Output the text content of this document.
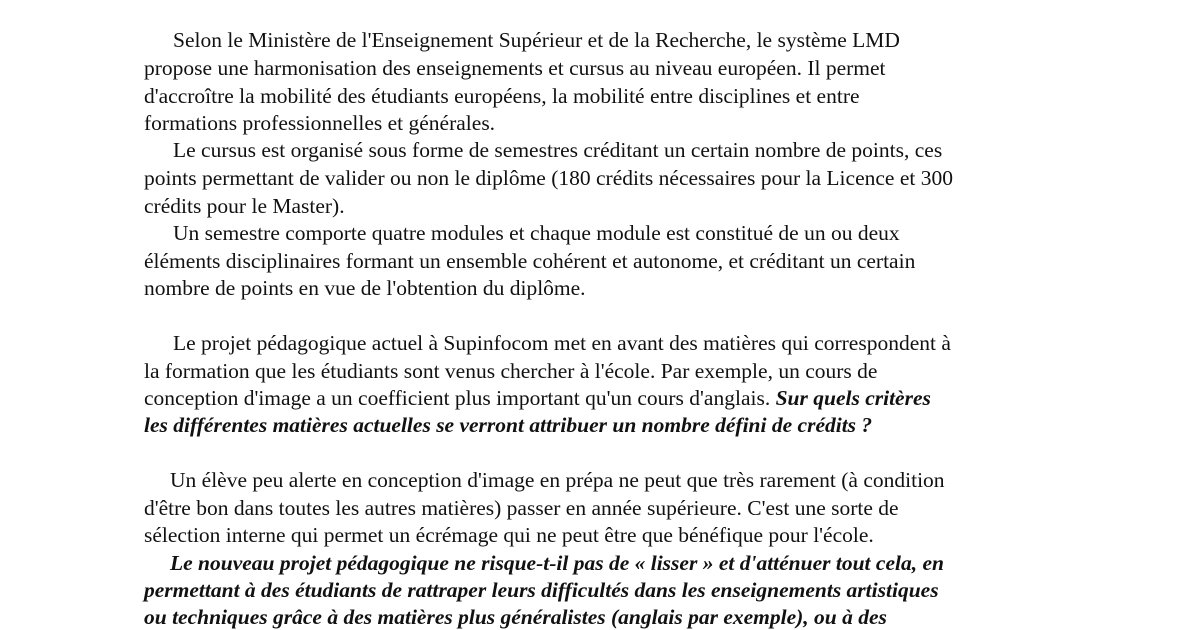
Selon le Ministère de l'Enseignement Supérieur et de la Recherche, le système LMD
propose une harmonisation des enseignements et cursus au niveau européen. Il permet
d'accroître la mobilité des étudiants européens, la mobilité entre disciplines et entre
formations professionnelles et générales.
Le cursus est organisé sous forme de semestres créditant un certain nombre de points, ces
points permettant de valider ou non le diplôme (180 crédits nécessaires pour la Licence et 300
crédits pour le Master).
Un semestre comporte quatre modules et chaque module est constitué de un ou deux
éléments disciplinaires formant un ensemble cohérent et autonome, et créditant un certain
nombre de points en vue de l'obtention du diplôme.
Le projet pédagogique actuel à Supinfocom met en avant des matières qui correspondent à
la formation que les étudiants sont venus chercher à l'école. Par exemple, un cours de
conception d'image a un coefficient plus important qu'un cours d'anglais. Sur quels critères
les différentes matières actuelles se verront attribuer un nombre défini de crédits ?
Un élève peu alerte en conception d'image en prépa ne peut que très rarement (à condition
d'être bon dans toutes les autres matières) passer en année supérieure. C'est une sorte de
sélection interne qui permet un écrémage qui ne peut être que bénéfique pour l'école.
Le nouveau projet pédagogique ne risque-t-il pas de « lisser » et d'atténuer tout cela, en
permettant à des étudiants de rattraper leurs difficultés dans les enseignements artistiques
ou techniques grâce à des matières plus généralistes (anglais par exemple), ou à des
